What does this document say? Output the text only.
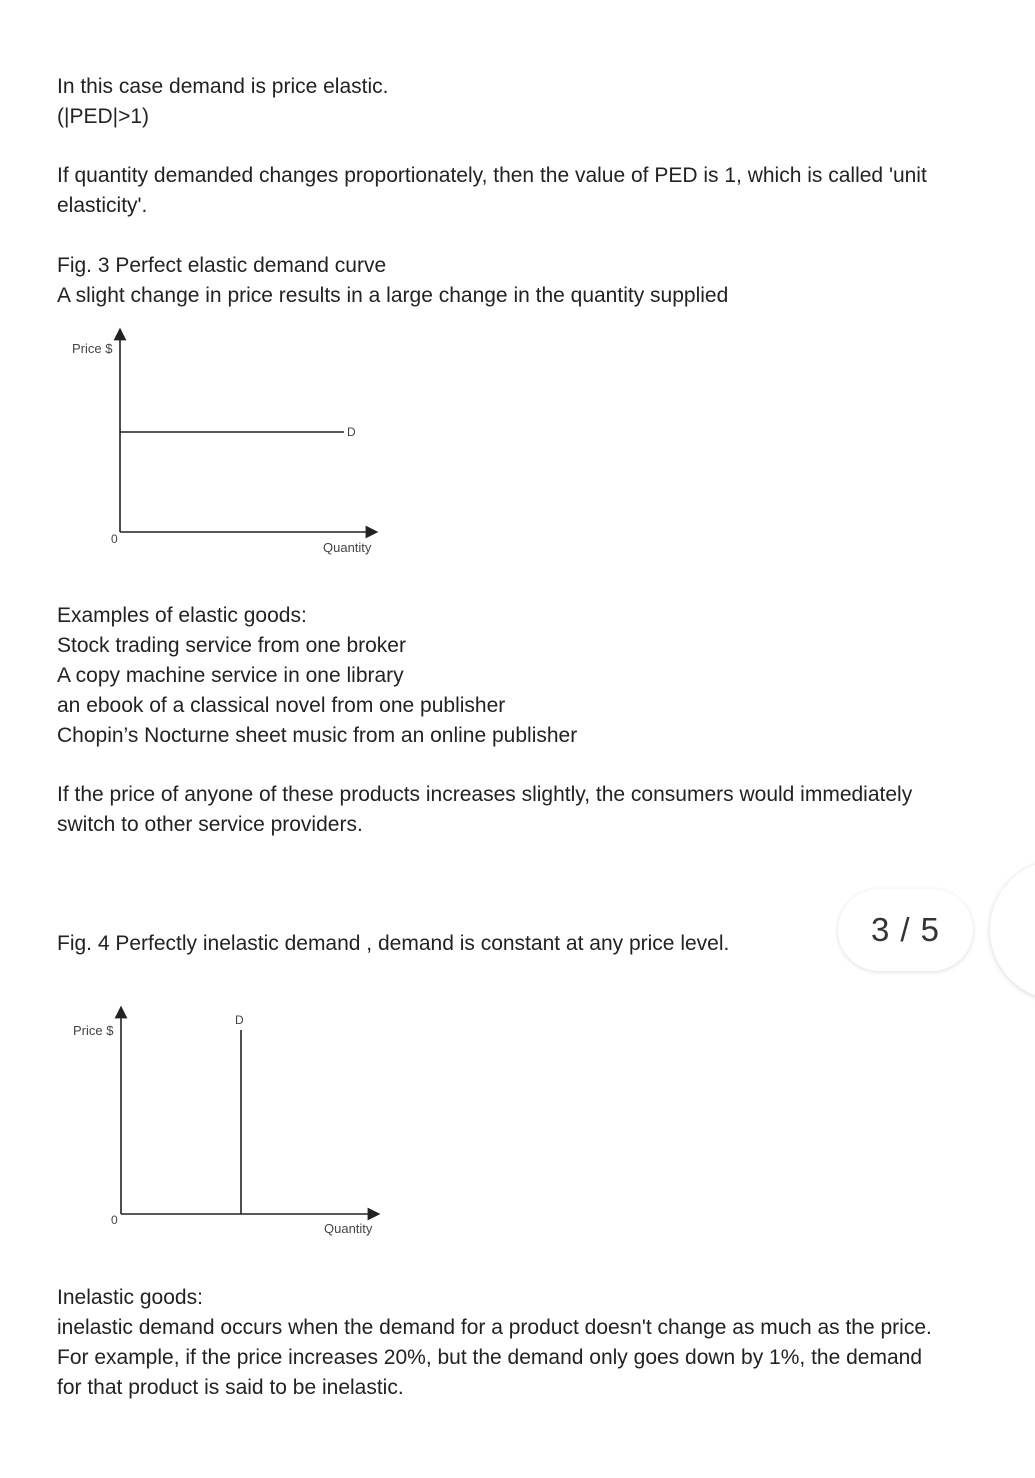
In this case demand is price elastic.

(|PED|>1)

If quantity demanded changes proportionately, then the value of PED is 1, which is called 'unit

elasticity'.

Fig. 3 Perfect elastic demand curve

A slight change in price results in a large change in the quantity supplied

Price $
0
D
Quantity

Examples of elastic goods:

Stock trading service from one broker

A copy machine service in one library

an ebook of a classical novel from one publisher

Chopin’s Nocturne sheet music from an online publisher

If the price of anyone of these products increases slightly, the consumers would immediately

switch to other service providers.

Fig. 4 Perfectly inelastic demand , demand is constant at any price level.

Price $
D
0
Quantity

Inelastic goods:

inelastic demand occurs when the demand for a product doesn't change as much as the price.

For example, if the price increases 20%, but the demand only goes down by 1%, the demand

for that product is said to be inelastic.

3 / 5
